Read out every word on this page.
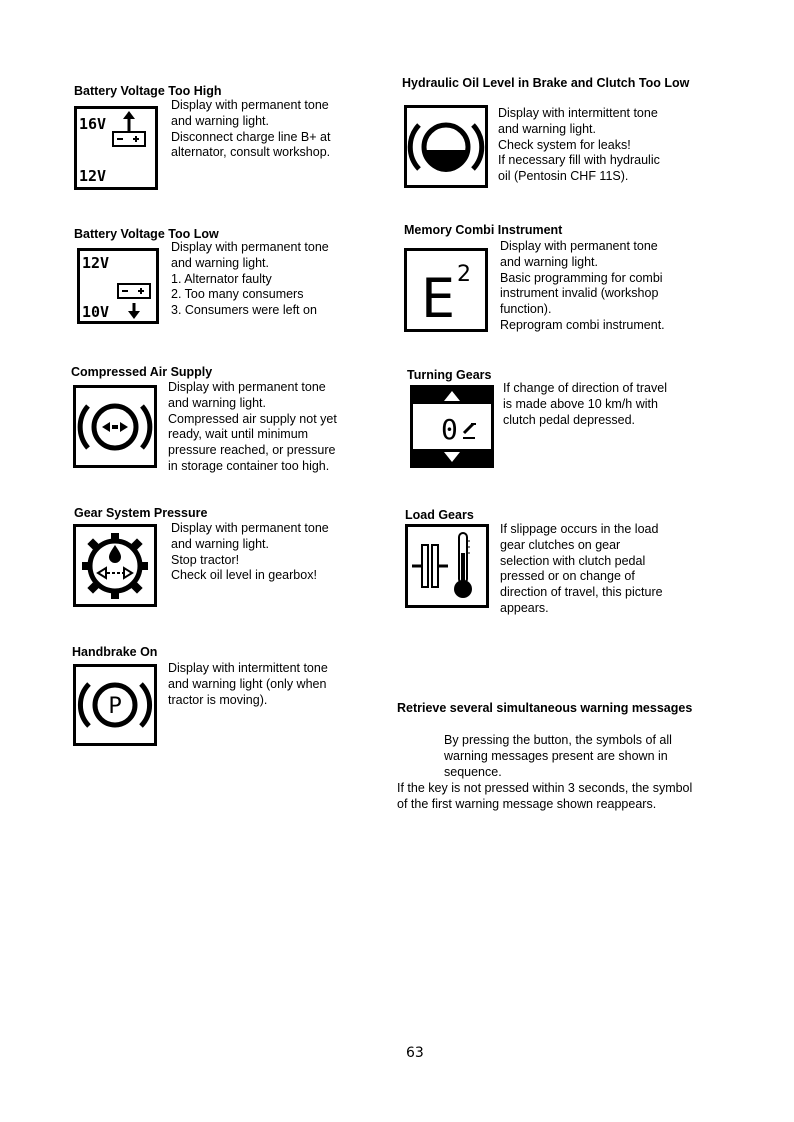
Battery Voltage Too High
16V
12V
Display with permanent tone
and warning light.
Disconnect charge line B+ at
alternator, consult workshop.
Battery Voltage Too Low
12V
10V
Display with permanent tone
and warning light.
1. Alternator faulty
2. Too many consumers
3. Consumers were left on
Compressed Air Supply
Display with permanent tone
and warning light.
Compressed air supply not yet
ready, wait until minimum
pressure reached, or pressure
in storage container too high.
Gear System Pressure
Display with permanent tone
and warning light.
Stop tractor!
Check oil level in gearbox!
Handbrake On
P
Display with intermittent tone
and warning light (only when
tractor is moving).
Hydraulic Oil Level in Brake and Clutch Too Low
Display with intermittent tone
and warning light.
Check system for leaks!
If necessary fill with hydraulic
oil (Pentosin CHF 11S).
Memory Combi Instrument
E 2
Display with permanent tone
and warning light.
Basic programming for combi
instrument invalid (workshop
function).
Reprogram combi instrument.
Turning Gears
0
If change of direction of travel
is made above 10 km/h with
clutch pedal depressed.
Load Gears
If slippage occurs in the load
gear clutches on gear
selection with clutch pedal
pressed or on change of
direction of travel, this picture
appears.
Retrieve several simultaneous warning messages
By pressing the button, the symbols of all
warning messages present are shown in
sequence.
If the key is not pressed within 3 seconds, the symbol
of the first warning message shown reappears.
63
